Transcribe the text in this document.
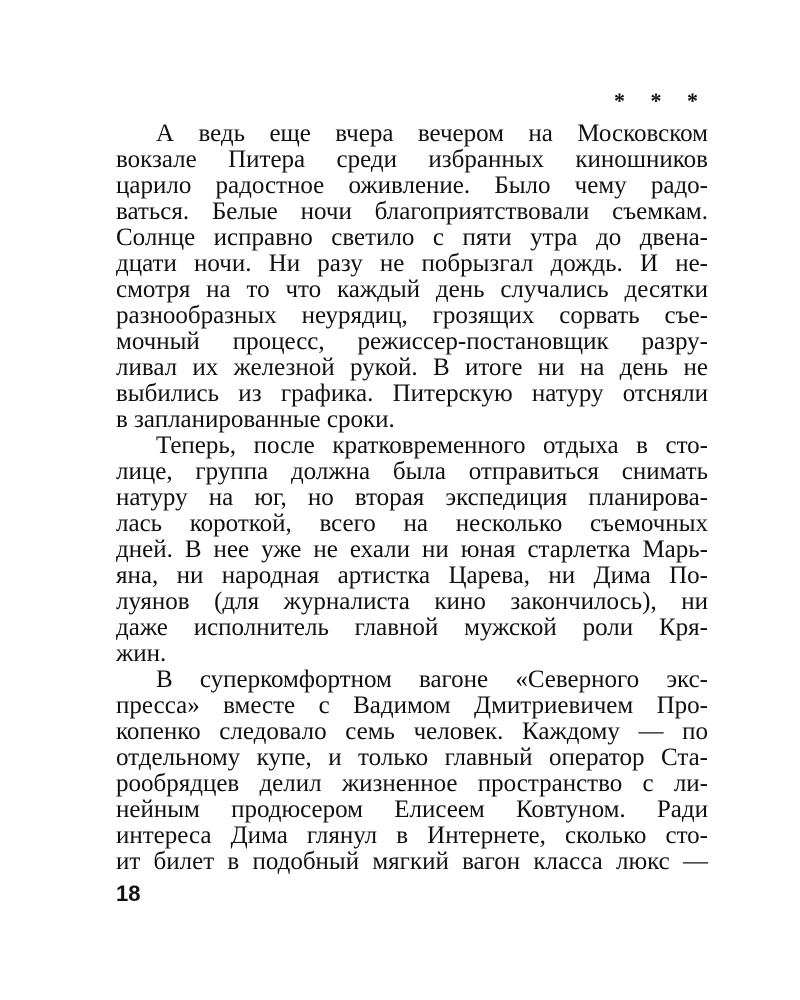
* * *
А ведь еще вчера вечером на Московском
вокзале Питера среди избранных киношников
царило радостное оживление. Было чему радо-
ваться. Белые ночи благоприятствовали съемкам.
Солнце исправно светило с пяти утра до двена-
дцати ночи. Ни разу не побрызгал дождь. И не-
смотря на то что каждый день случались десятки
разнообразных неурядиц, грозящих сорвать съе-
мочный процесс, режиссер-постановщик разру-
ливал их железной рукой. В итоге ни на день не
выбились из графика. Питерскую натуру отсняли
в запланированные сроки.
Теперь, после кратковременного отдыха в сто-
лице, группа должна была отправиться снимать
натуру на юг, но вторая экспедиция планирова-
лась короткой, всего на несколько съемочных
дней. В нее уже не ехали ни юная старлетка Марь-
яна, ни народная артистка Царева, ни Дима По-
луянов (для журналиста кино закончилось), ни
даже исполнитель главной мужской роли Кря-
жин.
В суперкомфортном вагоне «Северного экс-
пресса» вместе с Вадимом Дмитриевичем Про-
копенко следовало семь человек. Каждому — по
отдельному купе, и только главный оператор Ста-
рообрядцев делил жизненное пространство с ли-
нейным продюсером Елисеем Ковтуном. Ради
интереса Дима глянул в Интернете, сколько сто-
ит билет в подобный мягкий вагон класса люкс —
18
